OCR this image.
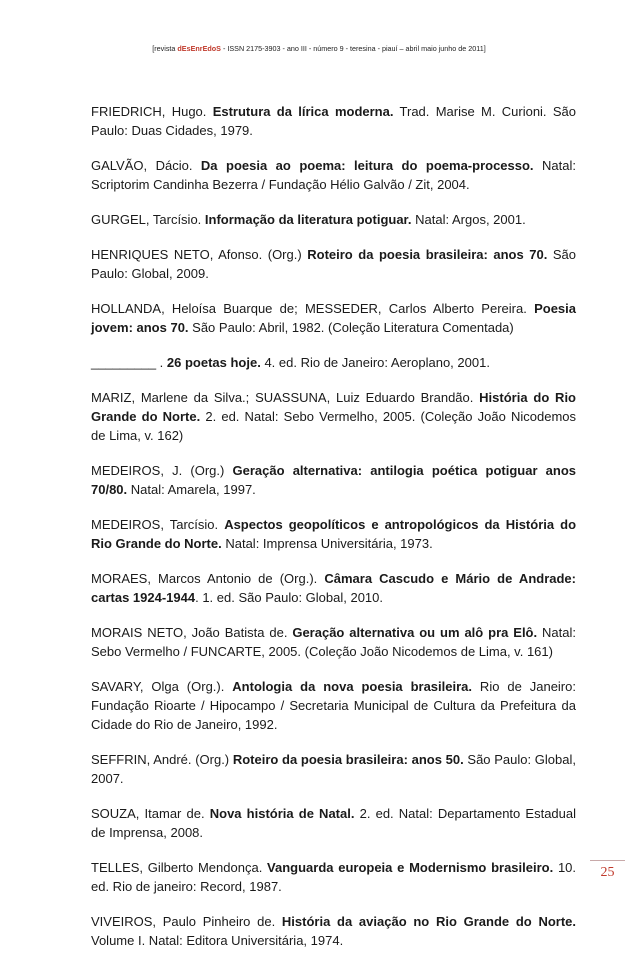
[revista dEsEnrEdoS - ISSN 2175-3903 - ano III - número 9 - teresina - piauí – abril maio junho de 2011]

FRIEDRICH, Hugo. Estrutura da lírica moderna. Trad. Marise M. Curioni. São Paulo: Duas Cidades, 1979.

GALVÃO, Dácio. Da poesia ao poema: leitura do poema-processo. Natal: Scriptorim Candinha Bezerra / Fundação Hélio Galvão / Zit, 2004.

GURGEL, Tarcísio. Informação da literatura potiguar. Natal: Argos, 2001.

HENRIQUES NETO, Afonso. (Org.) Roteiro da poesia brasileira: anos 70. São Paulo: Global, 2009.

HOLLANDA, Heloísa Buarque de; MESSEDER, Carlos Alberto Pereira. Poesia jovem: anos 70. São Paulo: Abril, 1982. (Coleção Literatura Comentada)

_________ . 26 poetas hoje. 4. ed. Rio de Janeiro: Aeroplano, 2001.

MARIZ, Marlene da Silva.; SUASSUNA, Luiz Eduardo Brandão. História do Rio Grande do Norte. 2. ed. Natal: Sebo Vermelho, 2005. (Coleção João Nicodemos de Lima, v. 162)

MEDEIROS, J. (Org.) Geração alternativa: antilogia poética potiguar anos 70/80. Natal: Amarela, 1997.

MEDEIROS, Tarcísio. Aspectos geopolíticos e antropológicos da História do Rio Grande do Norte. Natal: Imprensa Universitária, 1973.

MORAES, Marcos Antonio de (Org.). Câmara Cascudo e Mário de Andrade: cartas 1924-1944. 1. ed. São Paulo: Global, 2010.

MORAIS NETO, João Batista de. Geração alternativa ou um alô pra Elô. Natal: Sebo Vermelho / FUNCARTE, 2005. (Coleção João Nicodemos de Lima, v. 161)

SAVARY, Olga (Org.). Antologia da nova poesia brasileira. Rio de Janeiro: Fundação Rioarte / Hipocampo / Secretaria Municipal de Cultura da Prefeitura da Cidade do Rio de Janeiro, 1992.

SEFFRIN, André. (Org.) Roteiro da poesia brasileira: anos 50. São Paulo: Global, 2007.

SOUZA, Itamar de. Nova história de Natal. 2. ed. Natal: Departamento Estadual de Imprensa, 2008.

TELLES, Gilberto Mendonça. Vanguarda europeia e Modernismo brasileiro. 10. ed. Rio de janeiro: Record, 1987.

VIVEIROS, Paulo Pinheiro de. História da aviação no Rio Grande do Norte. Volume I. Natal: Editora Universitária, 1974.

25
